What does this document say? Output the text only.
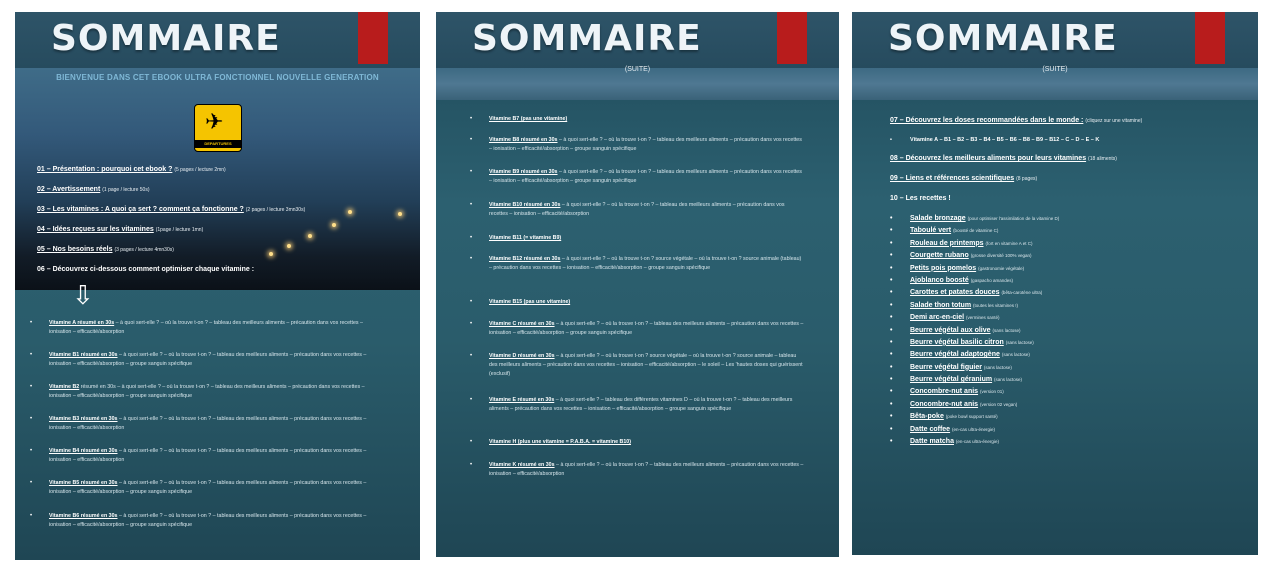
SOMMAIRE
BIENVENUE DANS CET EBOOK ULTRA FONCTIONNEL NOUVELLE GENERATION
✈
DEPARTURES
01 – Présentation : pourquoi cet ebook ? (5 pages / lecture 2mn)
02 – Avertissement (1 page / lecture 50s)
03 – Les vitamines : A quoi ça sert ? comment ça fonctionne ? (2 pages / lecture 3mn30s)
04 – Idées reçues sur les vitamines (1page / lecture 1mn)
05 – Nos besoins réels (3 pages / lecture 4mn30s)
06 – Découvrez ci-dessous comment optimiser chaque vitamine :
⇩
•	Vitamine A résumé en 30s – à quoi sert-elle ? – où la trouve t-on ? – tableau des meilleurs aliments – précaution dans vos recettes – ionisation – efficacité/absorption
•	Vitamine B1 résumé en 30s – à quoi sert-elle ? – où la trouve t-on ? – tableau des meilleurs aliments – précaution dans vos recettes – ionisation – efficacité/absorption – groupe sanguin spécifique
•	Vitamine B2 résumé en 30s – à quoi sert-elle ? – où la trouve t-on ? – tableau des meilleurs aliments – précaution dans vos recettes – ionisation – efficacité/absorption – groupe sanguin spécifique
•	Vitamine B3 résumé en 30s – à quoi sert-elle ? – où la trouve t-on ? – tableau des meilleurs aliments – précaution dans vos recettes – ionisation – efficacité/absorption
•	Vitamine B4 résumé en 30s – à quoi sert-elle ? – où la trouve t-on ? – tableau des meilleurs aliments – précaution dans vos recettes – ionisation – efficacité/absorption
•	Vitamine B5 résumé en 30s – à quoi sert-elle ? – où la trouve t-on ? – tableau des meilleurs aliments – précaution dans vos recettes – ionisation – efficacité/absorption – groupe sanguin spécifique
•	Vitamine B6 résumé en 30s – à quoi sert-elle ? – où la trouve t-on ? – tableau des meilleurs aliments – précaution dans vos recettes – ionisation – efficacité/absorption – groupe sanguin spécifique
SOMMAIRE
(SUITE)
•	Vitamine B7 (pas une vitamine)
•	Vitamine B8 résumé en 30s – à quoi sert-elle ? – où la trouve t-on ? – tableau des meilleurs aliments – précaution dans vos recettes – ionisation – efficacité/absorption – groupe sanguin spécifique
•	Vitamine B9 résumé en 30s – à quoi sert-elle ? – où la trouve t-on ? – tableau des meilleurs aliments – précaution dans vos recettes – ionisation – efficacité/absorption – groupe sanguin spécifique
•	Vitamine B10 résumé en 30s – à quoi sert-elle ? – où la trouve t-on ? – tableau des meilleurs aliments – précaution dans vos recettes – ionisation – efficacité/absorption
•	Vitamine B11 (= vitamine B9)
•	Vitamine B12 résumé en 30s – à quoi sert-elle ? – où la trouve t-on ? source végétale – où la trouve t-on ? source animale (tableau) – précaution dans vos recettes – ionisation – efficacité/absorption – groupe sanguin spécifique
•	Vitamine B15 (pas une vitamine)
•	Vitamine C résumé en 30s – à quoi sert-elle ? – où la trouve t-on ? – tableau des meilleurs aliments – précaution dans vos recettes – ionisation – efficacité/absorption – groupe sanguin spécifique
•	Vitamine D résumé en 30s – à quoi sert-elle ? – où la trouve t-on ? source végétale – où la trouve t-on ? source animale – tableau des meilleurs aliments – précaution dans vos recettes – ionisation – efficacité/absorption – le soleil – Les 'hautes doses qui guérissent (exclusif)
•	Vitamine E résumé en 30s – à quoi sert-elle ? – tableau des différentes vitamines D – où la trouve t-on ? – tableau des meilleurs aliments – précaution dans vos recettes – ionisation – efficacité/absorption – groupe sanguin spécifique
•	Vitamine H (plus une vitamine = P.A.B.A. = vitamine B10)
•	Vitamine K résumé en 30s – à quoi sert-elle ? – où la trouve t-on ? – tableau des meilleurs aliments – précaution dans vos recettes – ionisation – efficacité/absorption
SOMMAIRE
(SUITE)
07 – Découvrez les doses recommandées dans le monde : (cliquez sur une vitamine)
•	Vitamine A – B1 – B2 – B3 – B4 – B5 – B6 – B8 – B9 – B12 – C – D – E – K
08 – Découvrez les meilleurs aliments pour leurs vitamines (18 aliments)
09 – Liens et références scientifiques (8 pages)
10 – Les recettes !
•	Salade bronzage (pour optimiser l'assimilation de la vitamine D)
•	Taboulé vert (boosté de vitamine C)
•	Rouleau de printemps (fort en vitamine A et C)
•	Courgette rubano (grosse diversité 100% vegan)
•	Petits pois pomelos (gastronomie végétale)
•	Ajoblanco boosté (gaspacho amandes)
•	Carottes et patates douces (bêta-carotène ultra)
•	Salade thon totum (toutes les vitamines !)
•	Demi arc-en-ciel (vermines santé)
•	Beurre végétal aux olive (sans lactose)
•	Beurre végétal basilic citron (sans lactose)
•	Beurre végétal adaptogène (sans lactose)
•	Beurre végétal figuier (sans lactose)
•	Beurre végétal géranium (sans lactose)
•	Concombre-nut anis (version 01)
•	Concombre-nut anis (version 02 vegan)
•	Bêta-poke (poke bowl support santé)
•	Datte coffee (en-cas ultra-énergie)
•	Datte matcha (en-cas ultra-énergie)
